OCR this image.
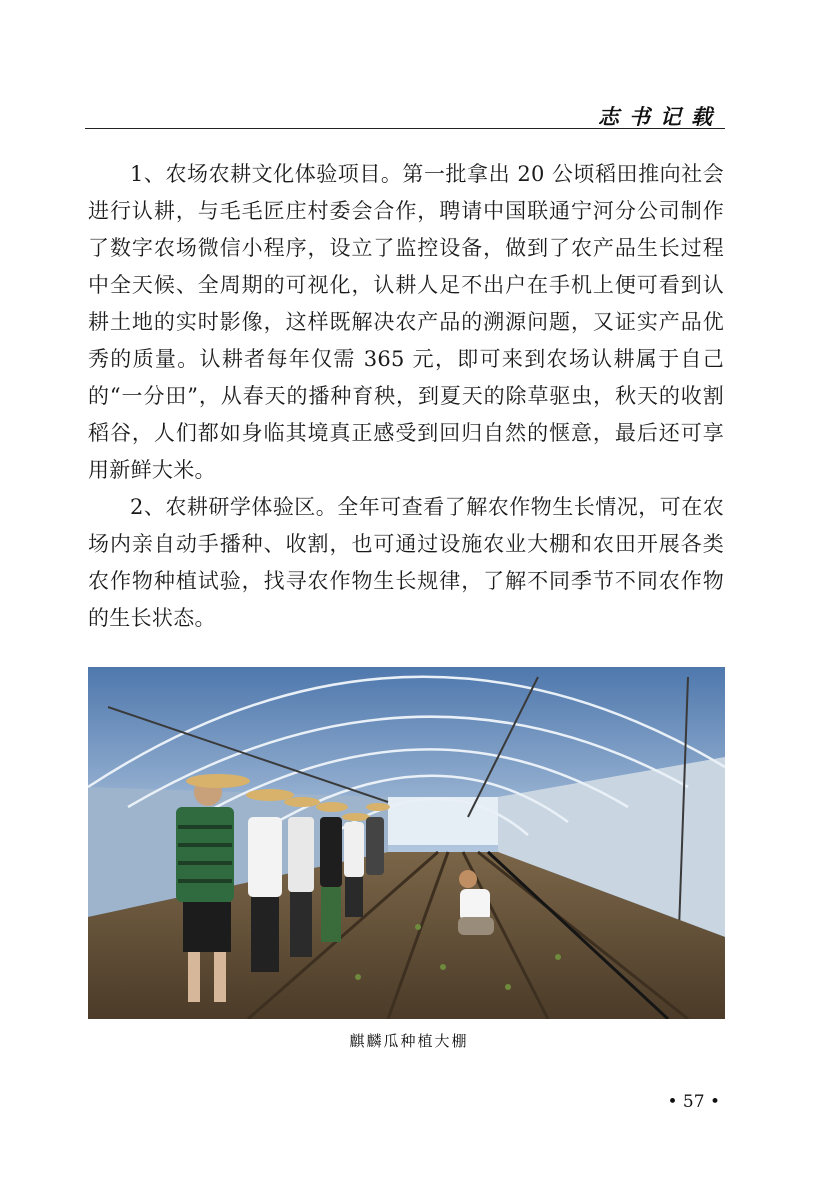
志书记载

1、农场农耕文化体验项目。第一批拿出 20 公顷稻田推向社会进行认耕，与毛毛匠庄村委会合作，聘请中国联通宁河分公司制作了数字农场微信小程序，设立了监控设备，做到了农产品生长过程中全天候、全周期的可视化，认耕人足不出户在手机上便可看到认耕土地的实时影像，这样既解决农产品的溯源问题，又证实产品优秀的质量。认耕者每年仅需 365 元，即可来到农场认耕属于自己的“一分田”，从春天的播种育秧，到夏天的除草驱虫，秋天的收割稻谷，人们都如身临其境真正感受到回归自然的惬意，最后还可享用新鲜大米。

2、农耕研学体验区。全年可查看了解农作物生长情况，可在农场内亲自动手播种、收割，也可通过设施农业大棚和农田开展各类农作物种植试验，找寻农作物生长规律，了解不同季节不同农作物的生长状态。

麒麟瓜种植大棚
• 57 •
